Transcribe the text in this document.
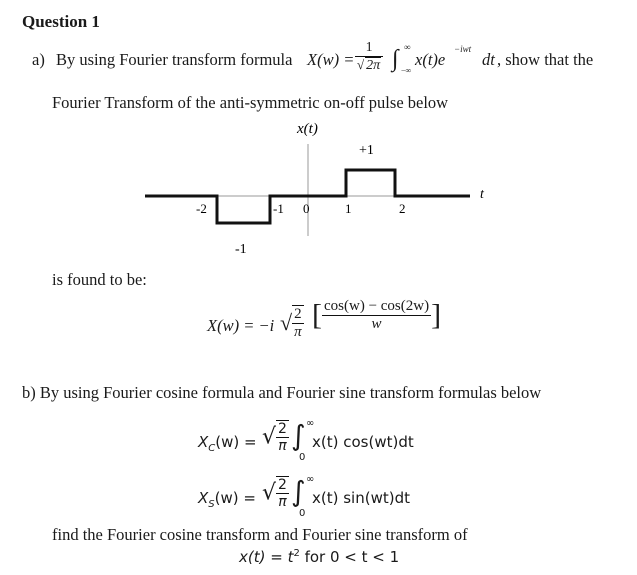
Question 1
a) By using Fourier transform formula $X(w) = \frac{1}{√ 2\pi}$ ∫ ∞
−∞
x(t)e
−iwt
dt , show that the
Fourier Transform of the anti-symmetric on-off pulse below
x(t)
t
+1
-1
-2	-1 0	1	2
is found to be:
X(w) = −i √ $\frac{2}{\pi}$ [ $\frac{\cos(w) - \cos(2w)}{w}$ ]
b) By using Fourier cosine formula and Fourier sine transform formulas below
$X_C(w)$ = √ $\frac{2}{\pi}$ ∫ ∞
0
x(t) cos(wt)dt
$X_S(w)$ = √ $\frac{2}{\pi}$ ∫ ∞
0
x(t) sin(wt)dt
find the Fourier cosine transform and Fourier sine transform of
$x(t) = t^2$ for 0 < t < 1
